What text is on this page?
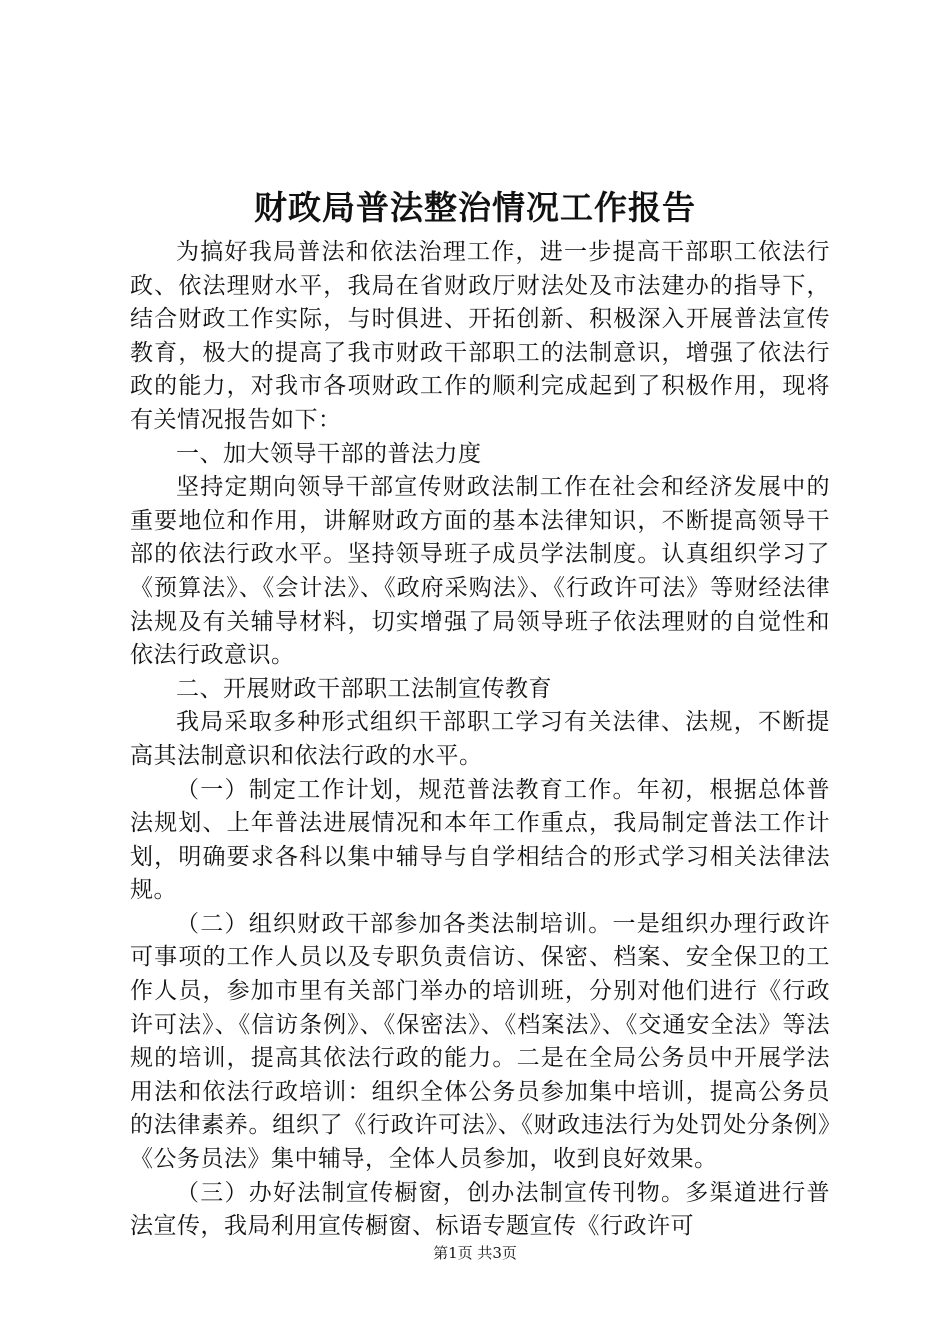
财政局普法整治情况工作报告

为搞好我局普法和依法治理工作，进一步提高干部职工依法行政、依法理财水平，我局在省财政厅财法处及市法建办的指导下，结合财政工作实际，与时俱进、开拓创新、积极深入开展普法宣传教育，极大的提高了我市财政干部职工的法制意识，增强了依法行政的能力，对我市各项财政工作的顺利完成起到了积极作用，现将有关情况报告如下：

一、加大领导干部的普法力度

坚持定期向领导干部宣传财政法制工作在社会和经济发展中的重要地位和作用，讲解财政方面的基本法律知识，不断提高领导干部的依法行政水平。坚持领导班子成员学法制度。认真组织学习了《预算法》、《会计法》、《政府采购法》、《行政许可法》等财经法律法规及有关辅导材料，切实增强了局领导班子依法理财的自觉性和依法行政意识。

二、开展财政干部职工法制宣传教育

我局采取多种形式组织干部职工学习有关法律、法规，不断提高其法制意识和依法行政的水平。

（一）制定工作计划，规范普法教育工作。年初，根据总体普法规划、上年普法进展情况和本年工作重点，我局制定普法工作计划，明确要求各科以集中辅导与自学相结合的形式学习相关法律法规。

（二）组织财政干部参加各类法制培训。一是组织办理行政许可事项的工作人员以及专职负责信访、保密、档案、安全保卫的工作人员，参加市里有关部门举办的培训班，分别对他们进行《行政许可法》、《信访条例》、《保密法》、《档案法》、《交通安全法》等法规的培训，提高其依法行政的能力。二是在全局公务员中开展学法用法和依法行政培训：组织全体公务员参加集中培训，提高公务员的法律素养。组织了《行政许可法》、《财政违法行为处罚处分条例》《公务员法》集中辅导，全体人员参加，收到良好效果。

（三）办好法制宣传橱窗，创办法制宣传刊物。多渠道进行普法宣传，我局利用宣传橱窗、标语专题宣传《行政许可

第1页 共3页
